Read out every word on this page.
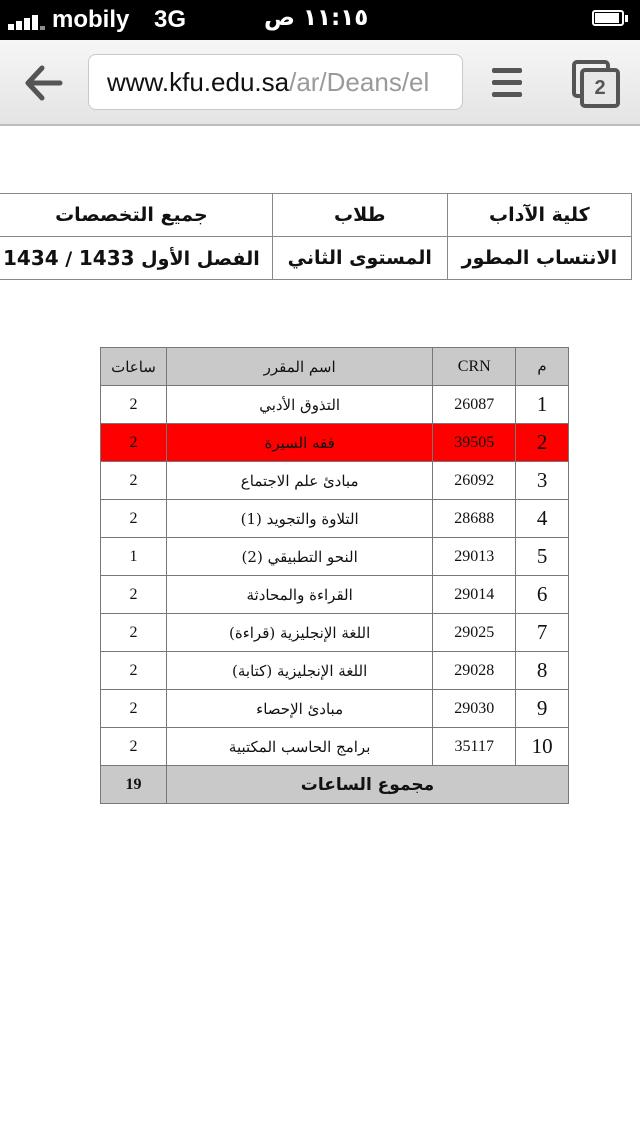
mobily 3G	١١:١٥ ص
www.kfu.edu.sa/ar/Deans/el	2
كلية الآداب	طلاب	جميع التخصصات
الانتساب المطور	المستوى الثاني	الفصل الأول 1433 / 1434
م	CRN	اسم المقرر	ساعات
1	26087	التذوق الأدبي	2
2	39505	فقه السيرة	2
3	26092	مبادئ علم الاجتماع	2
4	28688	التلاوة والتجويد (1)	2
5	29013	النحو التطبيقي (2)	1
6	29014	القراءة والمحادثة	2
7	29025	اللغة الإنجليزية (قراءة)	2
8	29028	اللغة الإنجليزية (كتابة)	2
9	29030	مبادئ الإحصاء	2
10	35117	برامج الحاسب المكتبية	2
مجموع الساعات			19
